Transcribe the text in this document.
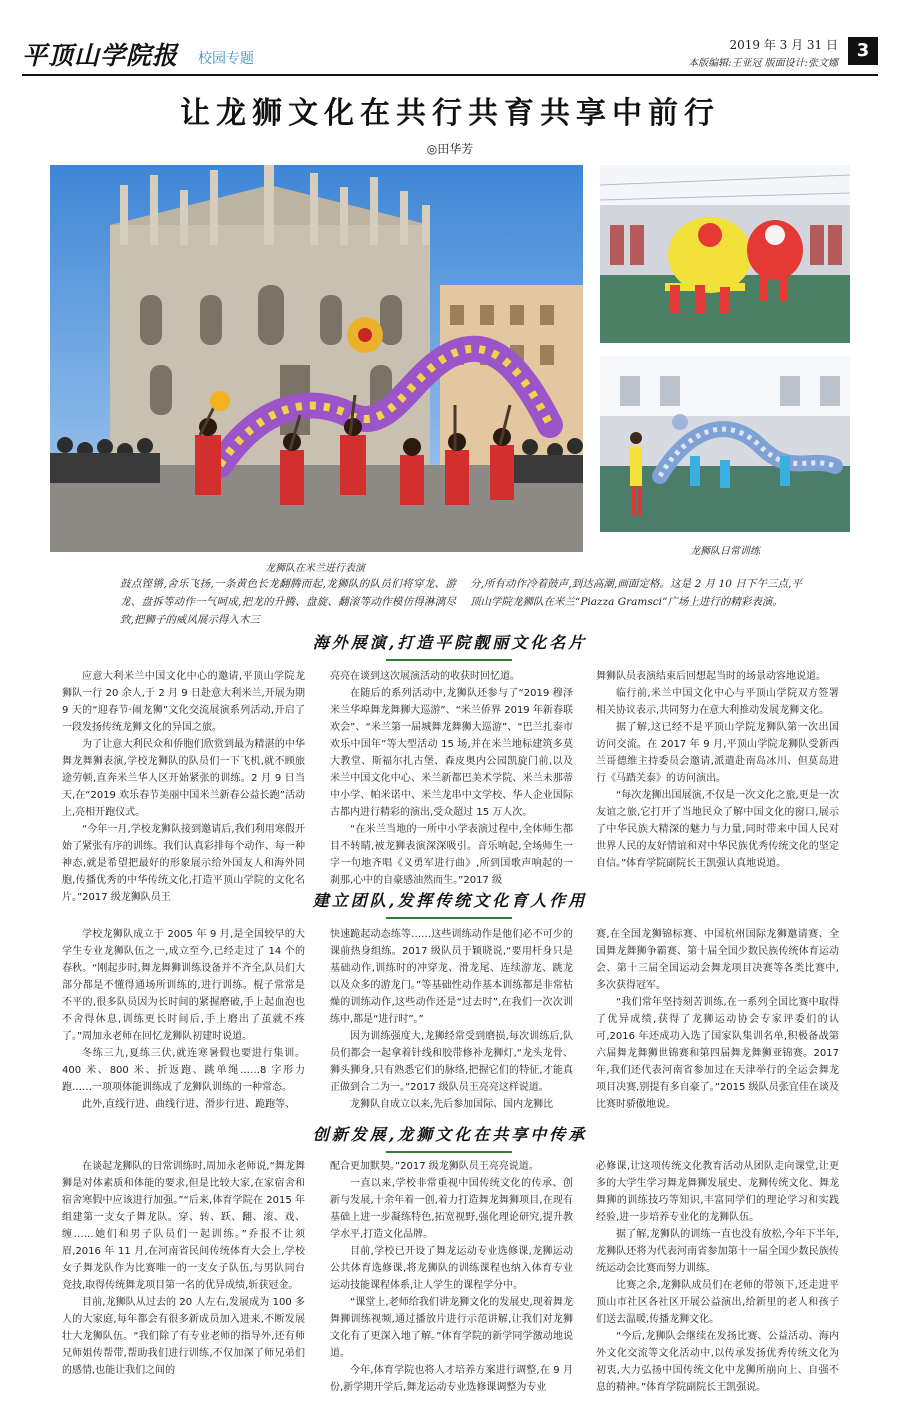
平顶山学院报 校园专题
2019 年 3 月 31 日
本版编辑:王亚冠 版面设计:张文娜
3
让龙狮文化在共行共育共享中前行
◎田华芳
龙狮队在米兰进行表演
龙狮队日常训练
鼓点铿锵,舍乐飞扬,一条黄色长龙翻腾而起,龙狮队的队员们将穿龙、游龙、盘拆等动作一气呵成,把龙的升腾、盘旋、翻滚等动作模仿得淋漓尽致,把狮子的威风展示得入木三
分,所有动作冷着鼓声,到达高潮,画面定格。这是 2 月 10 日下午三点,平顶山学院龙狮队在米兰“Piazza Gramsci”广场上进行的精彩表演。
海外展演,打造平院靓丽文化名片

应意大利米兰中国文化中心的邀请,平顶山学院龙狮队一行 20 余人,于 2 月 9 日赴意大利米兰,开展为期 9 天的“迎春节·闹龙狮”文化交流展演系列活动,开启了一段发扬传统龙狮文化的异国之旅。

为了让意大利民众和侨胞们欣赏到最为精湛的中华舞龙舞狮表演,学校龙狮队的队员们一下飞机,就不顾旅途劳顿,直奔米兰华人区开始紧张的训练。2 月 9 日当天,在“2019 欢乐春节美丽中国米兰新春公益长跑”活动上,亮相开跑仪式。

“今年一月,学校龙狮队接到邀请后,我们利用寒假开始了紧张有序的训练。我们认真彩排每个动作、每一种神态,就是希望把最好的形象展示给外国友人和海外同胞,传播优秀的中华传统文化,打造平顶山学院的文化名片。”2017 级龙狮队员王

亮亮在谈到这次展演活动的收获时回忆道。

在随后的系列活动中,龙狮队还参与了“2019 穆泽米兰华埠舞龙舞狮大巡游”、“米兰侨界 2019 年新春联欢会”、“米兰第一届城舞龙舞狮大巡游”、“巴兰扎泰市欢乐中国年”等大型活动 15 场,并在米兰地标建筑多莫大教堂、斯福尔扎古堡、森皮奥内公园凯旋门前,以及米兰中国文化中心、米兰新都巴美术学院、米兰未那蒂中小学、帕米诺中、米兰龙串中文学校、华人企业国际古都内进行精彩的演出,受众超过 15 万人次。

“在米兰当地的一所中小学表演过程中,全体师生都目不转睛,被龙狮表演深深吸引。音乐响起,全场师生一字一句地齐唱《义勇军进行曲》,所到国歌声响起的一刹那,心中的自豪感油然而生。”2017 级

舞狮队员表演结束后回想起当时的场景动容地说道。

临行前,米兰中国文化中心与平顶山学院双方签署相关协议表示,共同努力在意大利推动发展龙狮文化。

据了解,这已经不是平顶山学院龙狮队第一次出国访问交流。在 2017 年 9 月,平顶山学院龙狮队受新西兰哥德维主持委员会邀请,派遣赴南岛冰川、但莫岛进行《马踏关泰》的访问演出。

“每次龙狮出国展演,不仅是一次文化之旅,更是一次友谊之旅,它打开了当地民众了解中国文化的窗口,展示了中华民族大精深的魅力与力量,同时带来中国人民对世界人民的友好情谊和对中华民族优秀传统文化的坚定自信。”体育学院副院长王凯强认真地说道。

建立团队,发挥传统文化育人作用

学校龙狮队成立于 2005 年 9 月,是全国较早的大学生专业龙狮队伍之一,成立至今,已经走过了 14 个的春秋。“刚起步时,舞龙舞狮训练设备并不齐全,队员们大部分都是不懂得通场所训练的,进行训练。棍子常常是不平的,很多队员因为长时间的紧握磨破,手上起血泡也不舍得休息,训练更长时间后,手上磨出了茧就不疼了。”周加永老师在回忆龙狮队初建时说道。

冬练三九,夏练三伏,就连寒暑假也要进行集训。400 米、800 米、折返跑、跳单绳……8 字形力跑……一项项体能训练成了龙狮队训练的一种常态。

此外,直线行进、曲线行进、滑步行进、跪跑等、

快速跪起动态练等……这些训练动作是他们必不可少的课前热身组练。2017 级队员于颖晓说,“要用杆身只是基础动作,训练时的冲穿龙、滑龙尾、连续游龙、跳龙以及众多的游龙门。”等基础性动作基本训练都是非常枯燥的训练动作,这些动作还是“过去时”,在我们一次次训练中,都是“进行时”。”

因为训练强度大,龙狮经常受到磨损,每次训练后,队员们都会一起拿着针线和胶带修补龙狮灯,“龙头龙骨、狮头狮身,只有熟悉它们的脉络,把握它们的特征,才能真正做到合二为一。”2017 级队员王亮亮这样说道。

龙狮队自成立以来,先后参加国际、国内龙狮比

赛,在全国龙狮锦标赛、中国杭州国际龙狮邀请赛、全国舞龙舞狮争霸赛、第十届全国少数民族传统体育运动会、第十三届全国运动会舞龙项目决赛等各类比赛中,多次获得冠军。

“我们常年坚持刻苦训练,在一系列全国比赛中取得了优异成绩,获得了龙狮运动协会专家评委们的认可,2016 年还成功入选了国家队集训名单,积极备战第六届舞龙舞狮世锦赛和第四届舞龙舞狮亚锦赛。2017 年,我们还代表河南省参加过在天津举行的全运会舞龙项目决赛,别提有多自豪了。”2015 级队员张宜佳在谈及比赛时骄傲地说。

创新发展,龙狮文化在共享中传承

在谈起龙狮队的日常训练时,周加永老师说,“舞龙舞狮是对体素质和体能的要求,但是比较大家,在家宿舍和宿舍寒假中应该进行加强。”“后来,体育学院在 2015 年组建第一支女子舞龙队。穿、转、跃、翻、滚、戏、缠……她们和男子队员们一起训练。”乔报不让须眉,2016 年 11 月,在河南省民间传统体育大会上,学校女子舞龙队作为比赛唯一的一支女子队伍,与男队同台竞技,取得传统舞龙项目第一名的优异成绩,斩获冠金。

目前,龙狮队从过去的 20 人左右,发展成为 100 多人的大家庭,每年都会有很多新成员加入进来,不断发展壮大龙狮队伍。“我们除了有专业老师的指导外,还有师兄师姐传帮带,帮助我们进行训练,不仅加深了师兄弟们的感情,也能让我们之间的

配合更加默契。”2017 级龙狮队员王亮亮说道。

一直以来,学校非常重视中国传统文化的传承、创新与发展,十余年着一创,着力打造舞龙舞狮项目,在现有基础上进一步凝练特色,拓宽视野,强化理论研究,提升教学水平,打造文化品牌。

目前,学校已开设了舞龙运动专业选修课,龙狮运动公共体育选修课,将龙狮队的训练课程也纳入体育专业运动技能课程体系,让人学生的课程学分中。

“课堂上,老师给我们讲龙狮文化的发展史,现着舞龙舞狮训练视频,通过播放片进行示范讲解,让我们对龙狮文化有了更深入地了解。”体育学院的新学同学激动地说道。

今年,体育学院也将人才培养方案进行调整,在 9 月份,新学期开学后,舞龙运动专业选修课调整为专业

必修课,让这项传统文化教育活动从团队走向课堂,让更多的大学生学习舞龙舞狮发展史、龙狮传统文化、舞龙舞狮的训练技巧等知识,丰富同学们的理论学习和实践经验,进一步培养专业化的龙狮队伍。

据了解,龙狮队的训练一直也没有放松,今年下半年,龙狮队还将为代表河南省参加第十一届全国少数民族传统运动会比赛而努力训练。

比赛之余,龙狮队成员们在老师的带领下,还走进平顶山市社区各社区开展公益演出,给新里的老人和孩子们送去温暖,传播龙狮文化。

“今后,龙狮队会继续在发扬比赛、公益活动、海内外文化交流等文化活动中,以传承发扬优秀传统文化为初衷,大力弘扬中国传统文化中龙狮所崩向上、自强不息的精神。”体育学院副院长王凯强说。
